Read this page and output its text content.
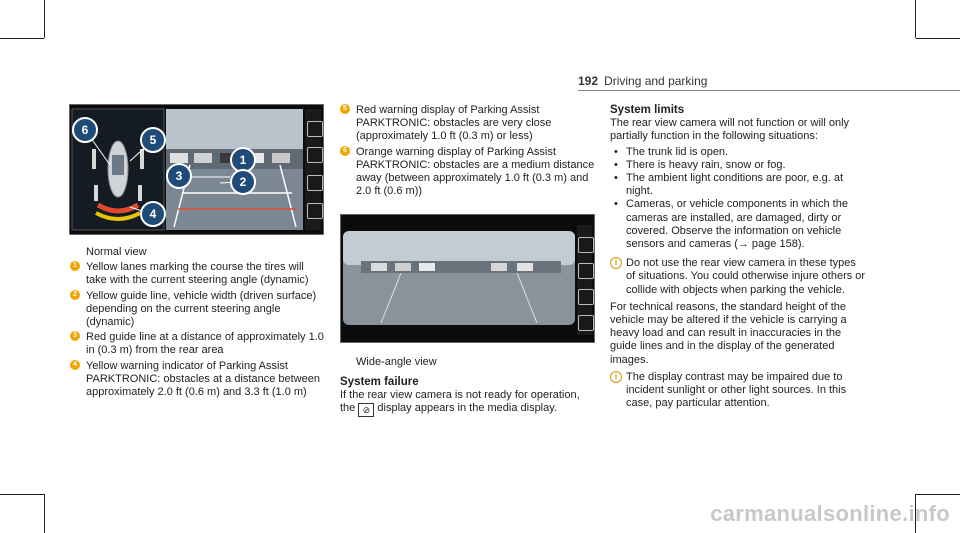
192 Driving and parking
6
5
1
3	2
4

Normal view

1 Yellow lanes marking the course the tires will take with the current steering angle (dynamic)
2 Yellow guide line, vehicle width (driven surface) depending on the current steering angle (dynamic)
3 Red guide line at a distance of approximately 1.0 in (0.3 m) from the rear area
4 Yellow warning indicator of Parking Assist PARKTRONIC: obstacles at a distance between approximately 2.0 ft (0.6 m) and 3.3 ft (1.0 m)
5 Red warning display of Parking Assist PARKTRONIC: obstacles are very close (approximately 1.0 ft (0.3 m) or less)
6 Orange warning display of Parking Assist PARKTRONIC: obstacles are a medium distance away (between approximately 1.0 ft (0.3 m) and 2.0 ft (0.6 m))
Wide-angle view
System failure

If the rear view camera is not ready for operation, the ⊘ display appears in the media display.

System limits

The rear view camera will not function or will only partially function in the following situations:

• The trunk lid is open.
• There is heavy rain, snow or fog.
• The ambient light conditions are poor, e.g. at night.
• Cameras, or vehicle components in which the cameras are installed, are damaged, dirty or covered. Observe the information on vehicle sensors and cameras (→ page 158).
i Do not use the rear view camera in these types of situations. You could otherwise injure others or collide with objects when parking the vehicle.

For technical reasons, the standard height of the vehicle may be altered if the vehicle is carrying a heavy load and can result in inaccuracies in the guide lines and in the display of the generated images.

i The display contrast may be impaired due to incident sunlight or other light sources. In this case, pay particular attention.
carmanualsonline.info
